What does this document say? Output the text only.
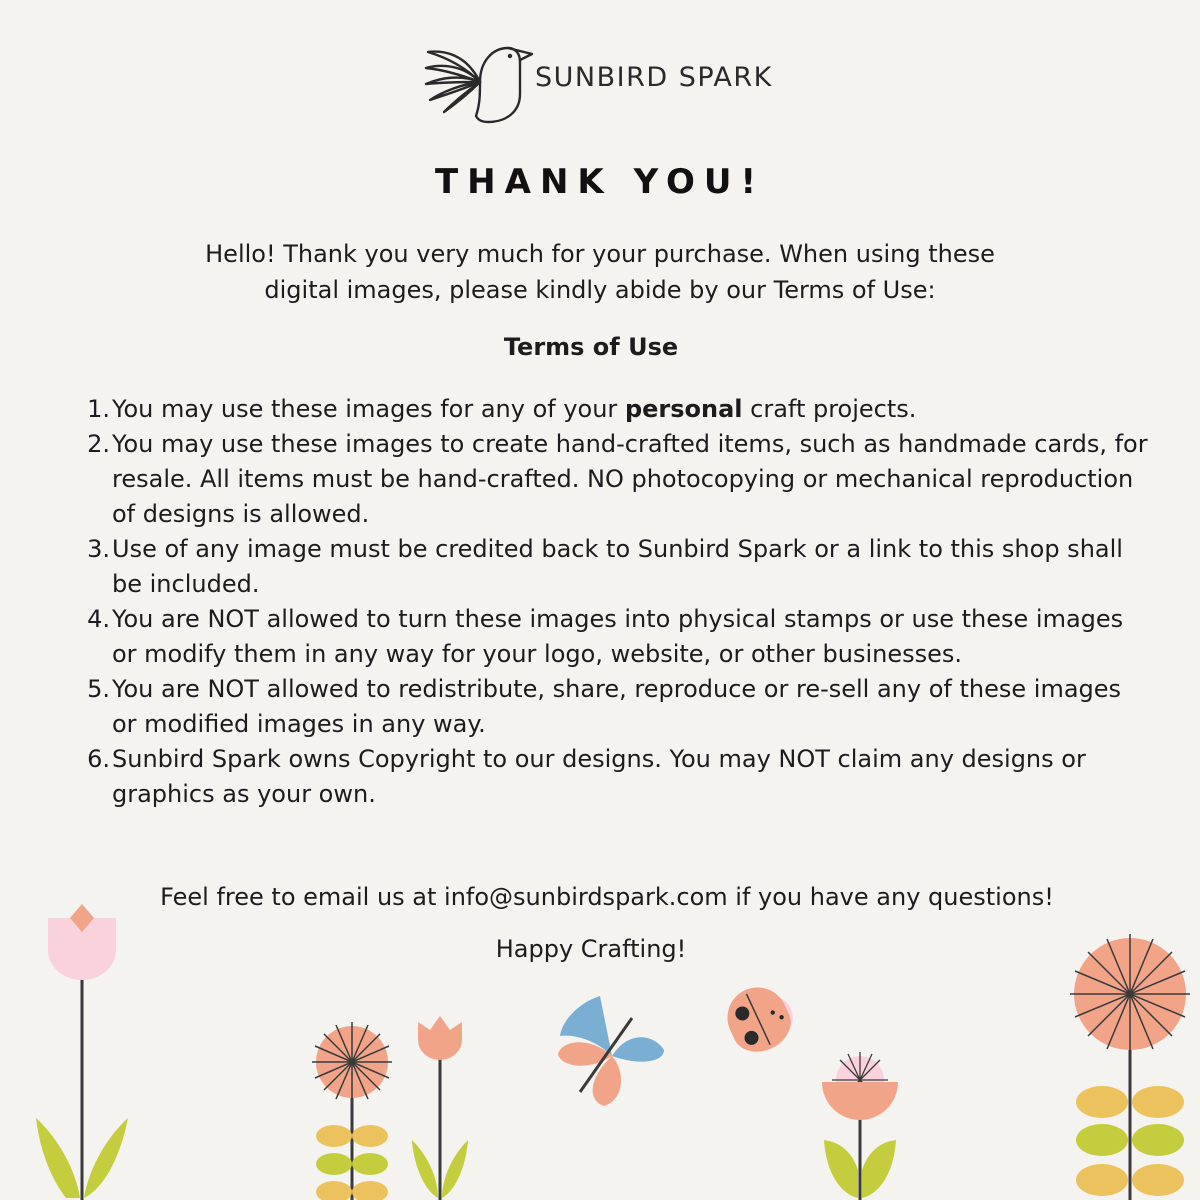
SUNBIRD SPARK
THANK YOU!

Hello! Thank you very much for your purchase. When using these

digital images, please kindly abide by our Terms of Use:

Terms of Use
1. You may use these images for any of your personal craft projects.
2. You may use these images to create hand-crafted items, such as handmade cards, for resale. All items must be hand-crafted. NO photocopying or mechanical reproduction of designs is allowed.
3. Use of any image must be credited back to Sunbird Spark or a link to this shop shall be included.
4. You are NOT allowed to turn these images into physical stamps or use these images or modify them in any way for your logo, website, or other businesses.
5. You are NOT allowed to redistribute, share, reproduce or re-sell any of these images or modified images in any way.
6. Sunbird Spark owns Copyright to our designs. You may NOT claim any designs or graphics as your own.
Feel free to email us at info@sunbirdspark.com if you have any questions!
Happy Crafting!
